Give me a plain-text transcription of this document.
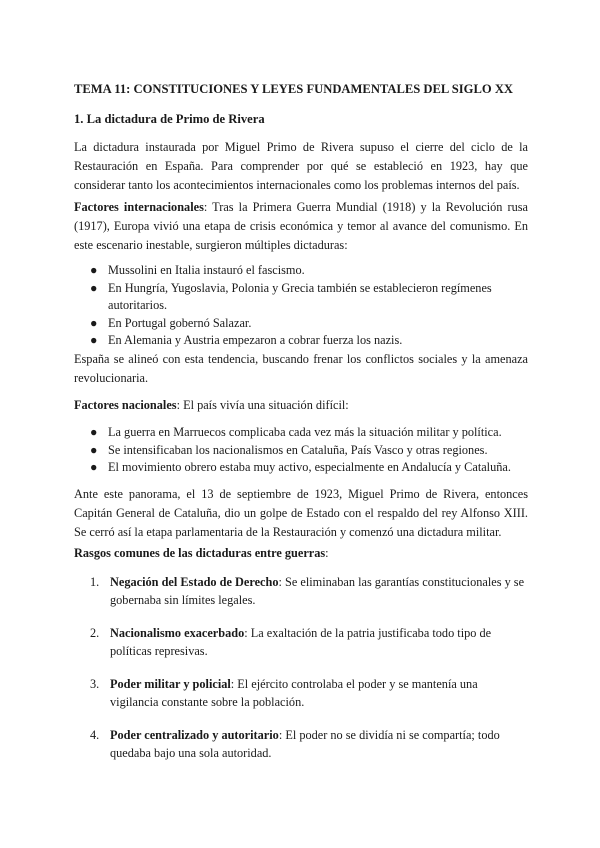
TEMA 11: CONSTITUCIONES Y LEYES FUNDAMENTALES DEL SIGLO XX
1. La dictadura de Primo de Rivera

La dictadura instaurada por Miguel Primo de Rivera supuso el cierre del ciclo de la Restauración en España. Para comprender por qué se estableció en 1923, hay que considerar tanto los acontecimientos internacionales como los problemas internos del país.

Factores internacionales: Tras la Primera Guerra Mundial (1918) y la Revolución rusa (1917), Europa vivió una etapa de crisis económica y temor al avance del comunismo. En este escenario inestable, surgieron múltiples dictaduras:

● Mussolini en Italia instauró el fascismo.
● En Hungría, Yugoslavia, Polonia y Grecia también se establecieron regímenes autoritarios.
● En Portugal gobernó Salazar.
● En Alemania y Austria empezaron a cobrar fuerza los nazis.

España se alineó con esta tendencia, buscando frenar los conflictos sociales y la amenaza revolucionaria.

Factores nacionales: El país vivía una situación difícil:

● La guerra en Marruecos complicaba cada vez más la situación militar y política.
● Se intensificaban los nacionalismos en Cataluña, País Vasco y otras regiones.
● El movimiento obrero estaba muy activo, especialmente en Andalucía y Cataluña.

Ante este panorama, el 13 de septiembre de 1923, Miguel Primo de Rivera, entonces Capitán General de Cataluña, dio un golpe de Estado con el respaldo del rey Alfonso XIII. Se cerró así la etapa parlamentaria de la Restauración y comenzó una dictadura militar.

Rasgos comunes de las dictaduras entre guerras:
1. Negación del Estado de Derecho: Se eliminaban las garantías constitucionales y se gobernaba sin límites legales.
2. Nacionalismo exacerbado: La exaltación de la patria justificaba todo tipo de políticas represivas.
3. Poder militar y policial: El ejército controlaba el poder y se mantenía una vigilancia constante sobre la población.
4. Poder centralizado y autoritario: El poder no se dividía ni se compartía; todo quedaba bajo una sola autoridad.
